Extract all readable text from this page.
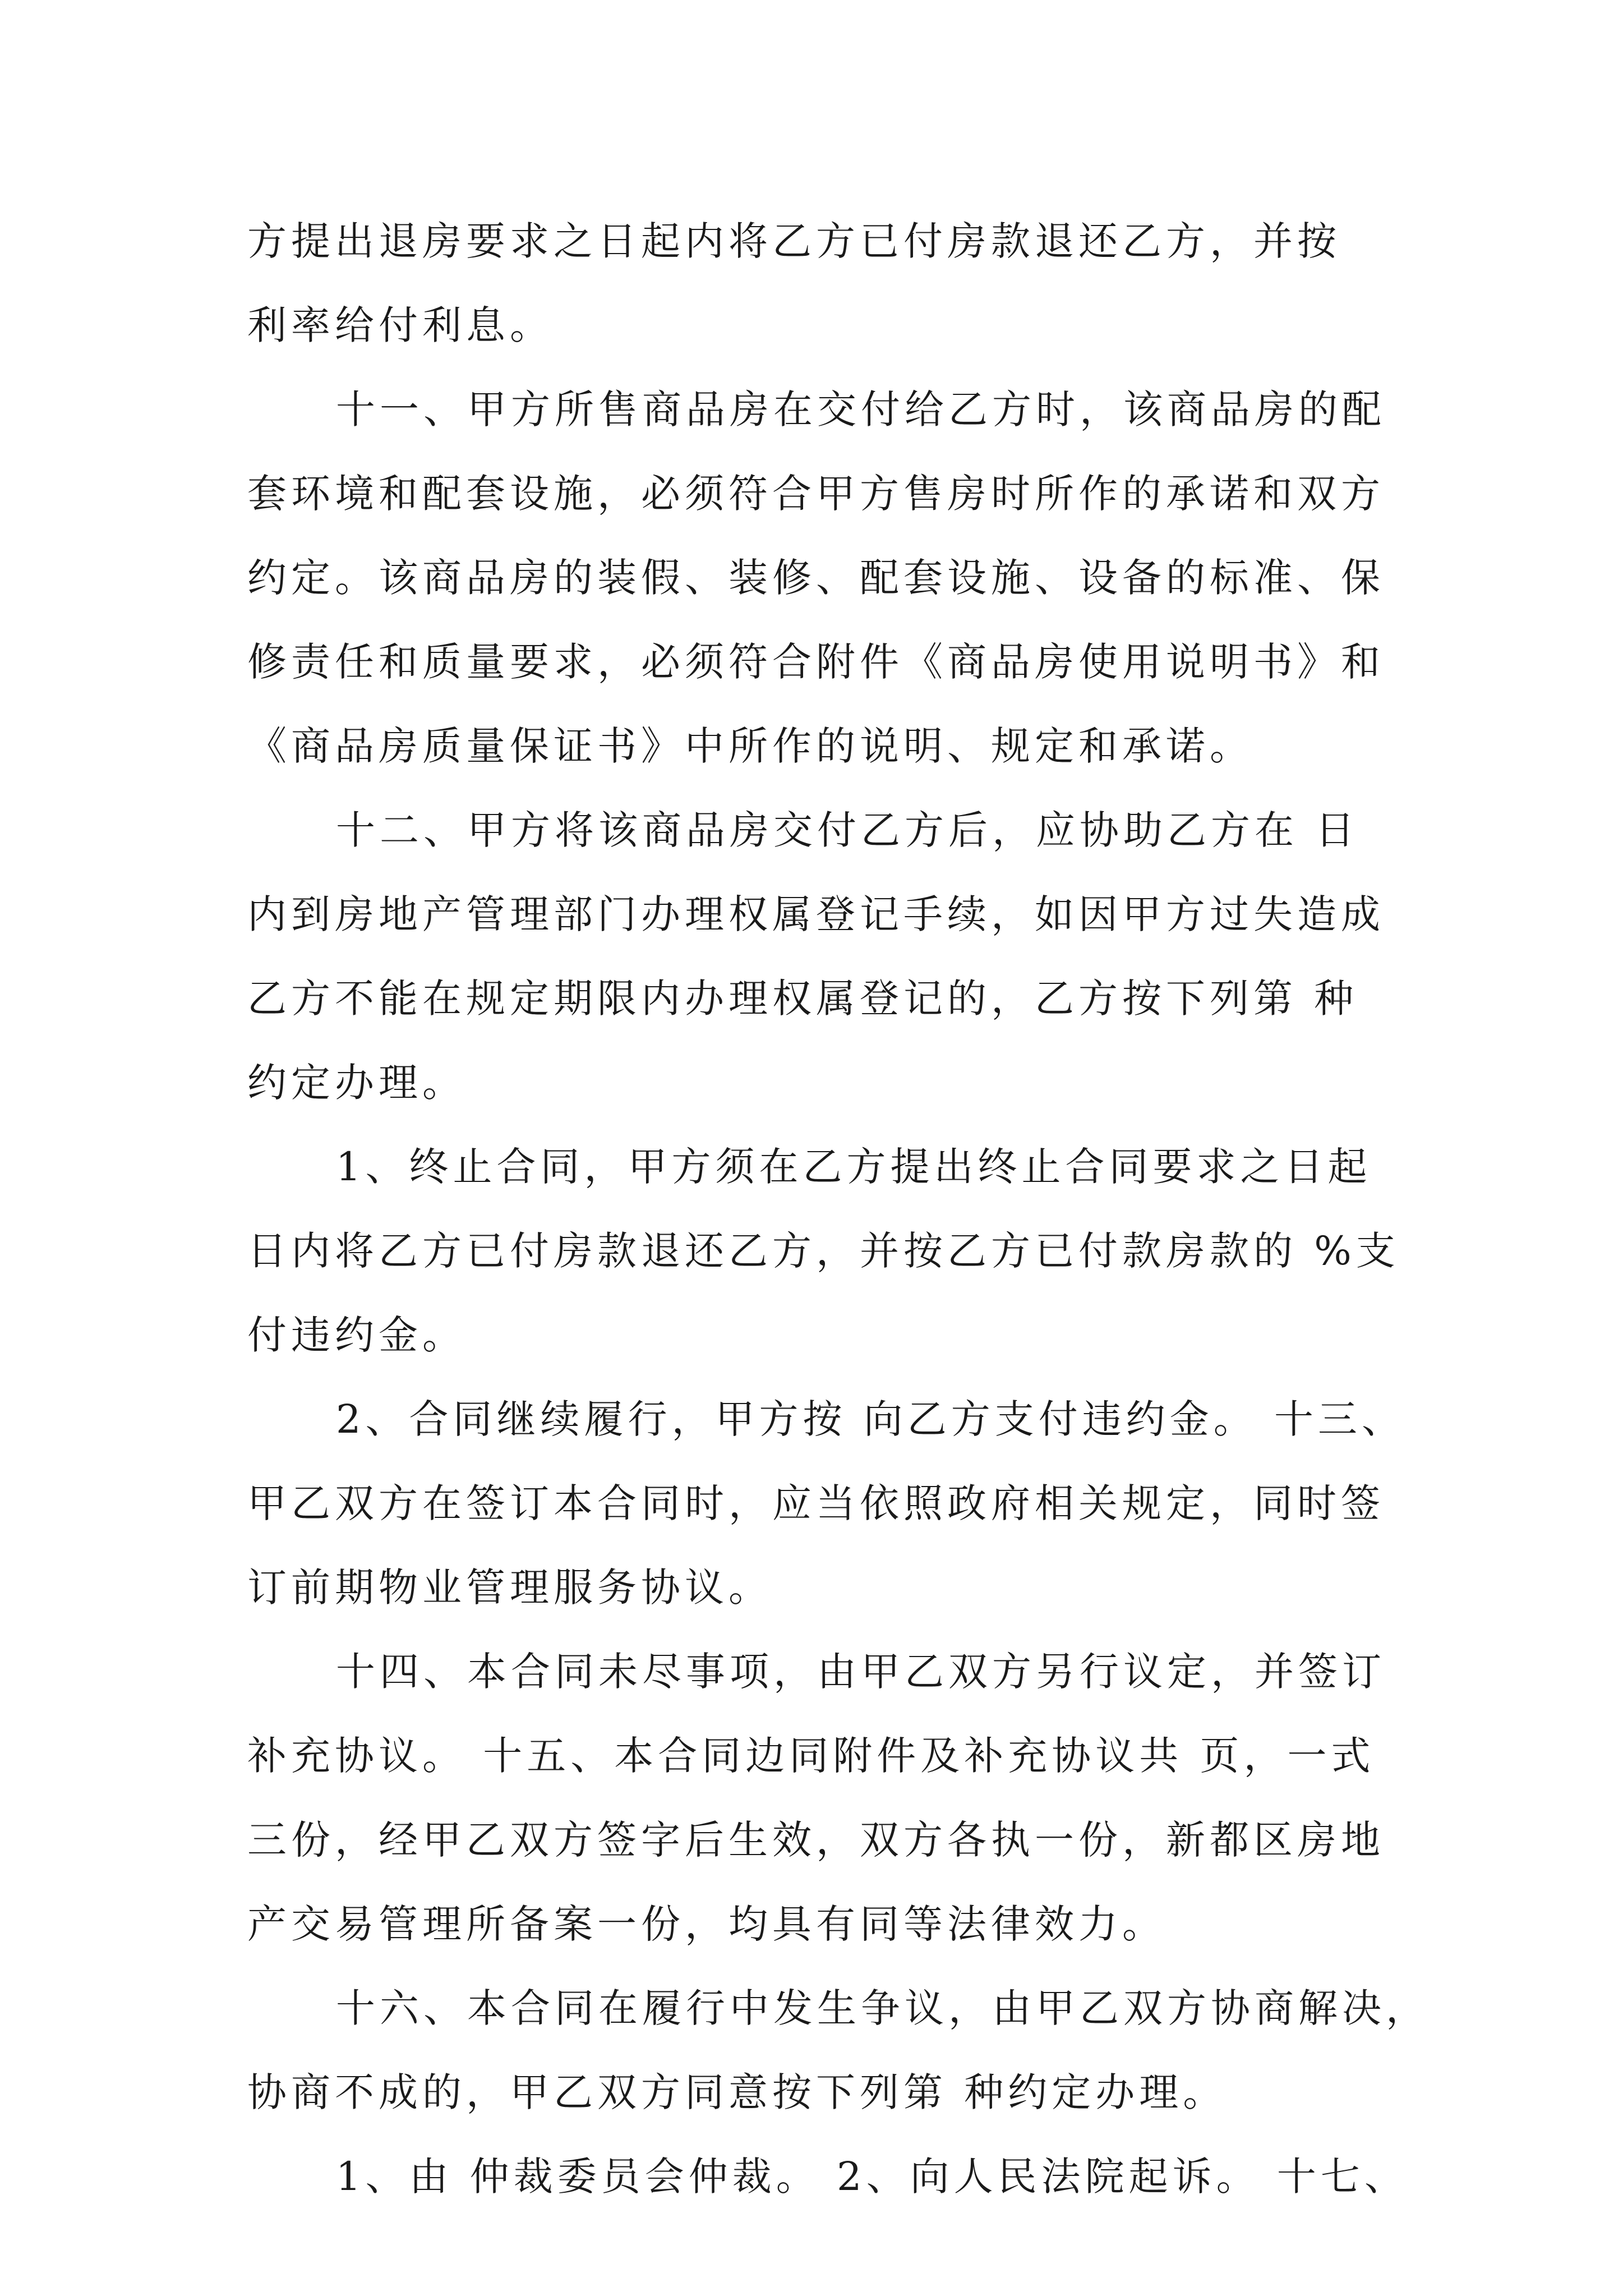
方提出退房要求之日起内将乙方已付房款退还乙方，并按
利率给付利息。
十一、甲方所售商品房在交付给乙方时，该商品房的配
套环境和配套设施，必须符合甲方售房时所作的承诺和双方
约定。该商品房的装假、装修、配套设施、设备的标准、保
修责任和质量要求，必须符合附件《商品房使用说明书》和
《商品房质量保证书》中所作的说明、规定和承诺。
十二、甲方将该商品房交付乙方后，应协助乙方在 日
内到房地产管理部门办理权属登记手续，如因甲方过失造成
乙方不能在规定期限内办理权属登记的，乙方按下列第 种
约定办理。
1、终止合同，甲方须在乙方提出终止合同要求之日起
日内将乙方已付房款退还乙方，并按乙方已付款房款的 %支
付违约金。
2、合同继续履行，甲方按 向乙方支付违约金。 十三、
甲乙双方在签订本合同时，应当依照政府相关规定，同时签
订前期物业管理服务协议。
十四、本合同未尽事项，由甲乙双方另行议定，并签订
补充协议。 十五、本合同边同附件及补充协议共 页，一式
三份，经甲乙双方签字后生效，双方各执一份，新都区房地
产交易管理所备案一份，均具有同等法律效力。
十六、本合同在履行中发生争议，由甲乙双方协商解决，
协商不成的，甲乙双方同意按下列第 种约定办理。
1、由 仲裁委员会仲裁。 2、向人民法院起诉。 十七、
